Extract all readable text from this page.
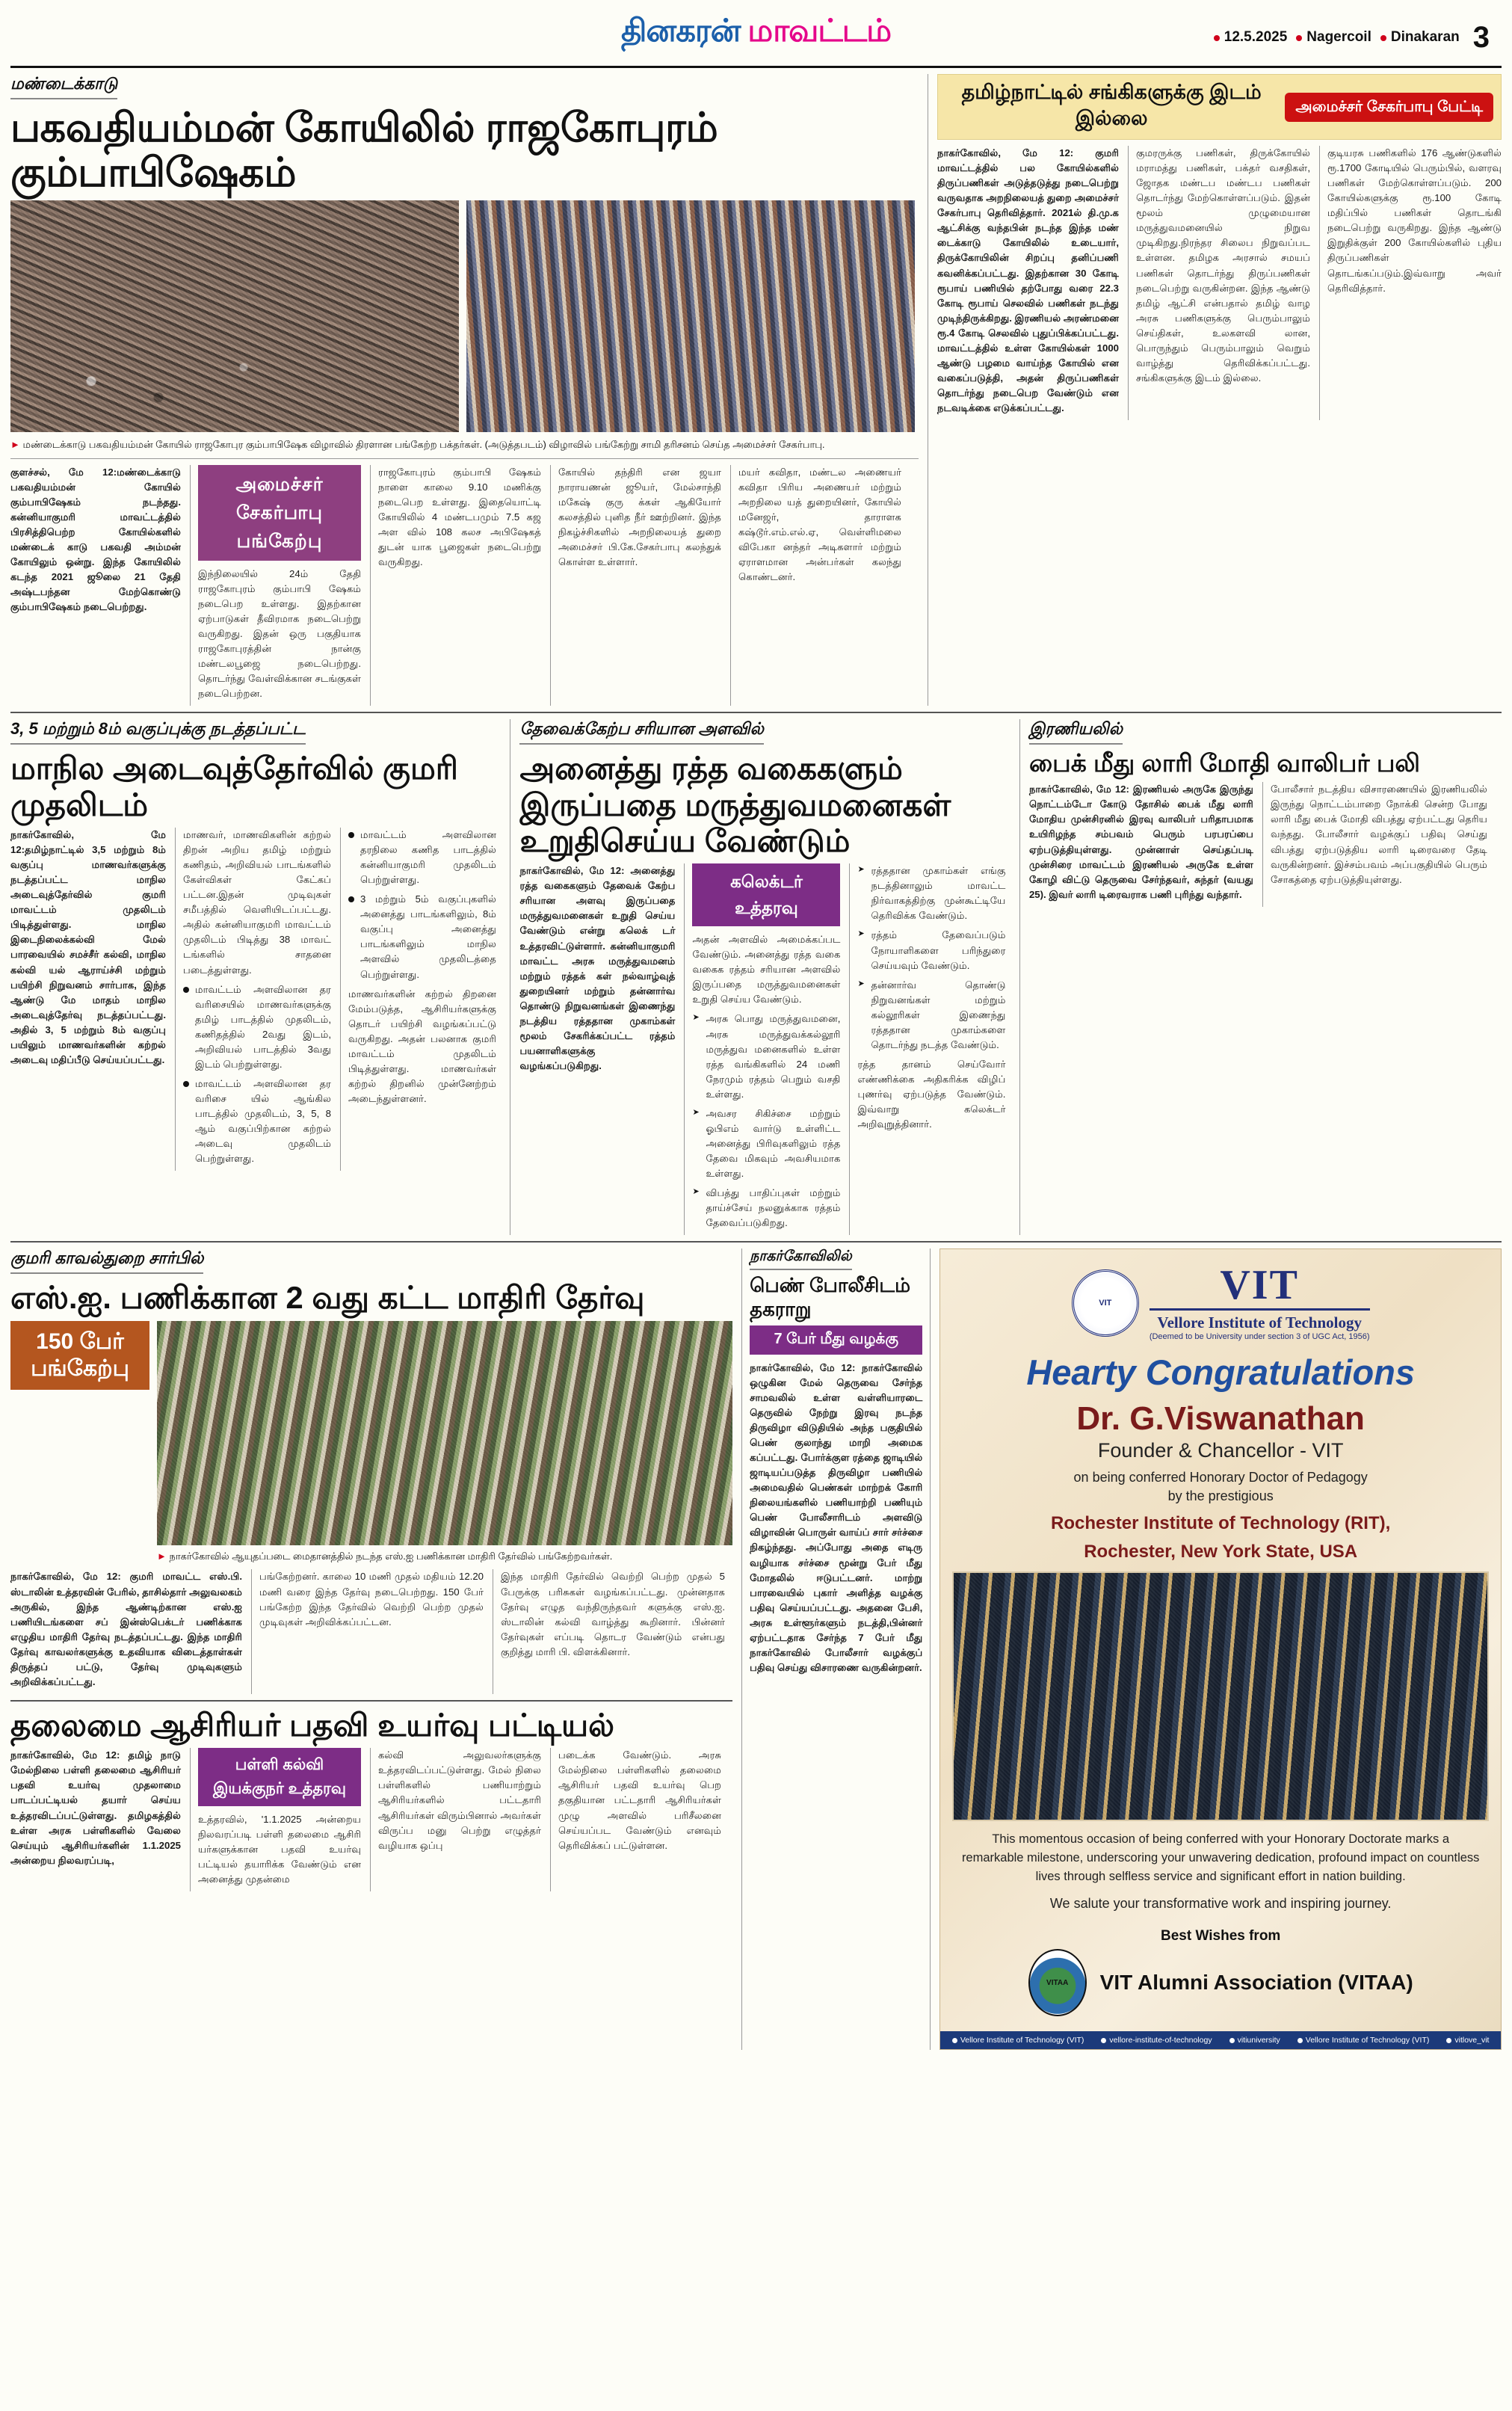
தினகரன் மாவட்டம்	12.5.2025	Nagercoil	Dinakaran 3
மண்டைக்காடு
பகவதியம்மன் கோயிலில் ராஜகோபுரம் கும்பாபிஷேகம்
► மண்டைக்காடு பகவதியம்மன் கோயில் ராஜகோபுர கும்பாபிஷேக விழாவில் திரளான பங்கேற்ற பக்தர்கள். (அடுத்தபடம்) விழாவில் பங்கேற்று சாமி தரிசனம் செய்த அமைச்சர் சேகர்பாபு.

குளச்சல், மே 12:மண்டைக்காடு பகவதியம்மன் கோயில் கும்பாபிஷேகம் நடந்தது. கன்னியாகுமரி மாவட்டத்தில் பிரசித்திபெற்ற கோயில்களில் மண்டைக் காடு பகவதி அம்மன் கோயிலும் ஒன்று. இந்த கோயிலில் கடந்த 2021 ஜூலை 21 தேதி அஷ்டபந்தன மேற்கொண்டு கும்பாபிஷேகம் நடைபெற்றது.

அமைச்சர் சேகர்பாபு பங்கேற்பு

இந்நிலையில் 24ம் தேதி ராஜகோபுரம் கும்பாபி ஷேகம் நடைபெற உள்ளது. இதற்கான ஏற்பாடுகள் தீவிரமாக நடைபெற்று வருகிறது. இதன் ஒரு பகுதியாக ராஜகோபுரத்தின் நான்கு மண்டலபூஜை நடைபெற்றது. தொடர்ந்து வேள்விக்கான சடங்குகள் நடைபெற்றன.

ராஜகோபுரம் கும்பாபி ஷேகம் நாளை காலை 9.10 மணிக்கு நடைபெற உள்ளது. இதையொட்டி கோயிலில் 4 மண்டபமும் 7.5 கஜ அள வில் 108 கலச அபிஷேகத் துடன் யாக பூஜைகள் நடைபெற்று வருகிறது.

கோயில் தந்திரி என ஜயா நாராயணன் ஜூயர், மேல்சாந்தி மகேஷ் குரு க்கள் ஆகியோர் கலசத்தில் புனித நீர் ஊற்றினர். இந்த நிகழ்ச்சிகளில் அறநிலையத் துறை அமைச்சர் பி.கே.சேகர்பாபு கலந்துக் கொள்ள உள்ளார்.

மயர் கவிதா, மண்டல அணையர் கவிதா பிரிய அணையர் மற்றும் அறநிலை யத் துறையினர், கோயில் மனேஜர், தாராளக கஷ்டூர்.எம்.எல்.ஏ, வெள்ளிமலை விபேகா னந்தர் அடிகளார் மற்றும் ஏராளமான அன்பர்கள் கலந்து கொண்டனர்.

தமிழ்நாட்டில் சங்கிகளுக்கு இடம் இல்லை
அமைச்சர் சேகர்பாபு பேட்டி

நாகர்கோவில், மே 12: குமரி மாவட்டத்தில் பல கோயில்களில் திருப்பணிகள் அடுத்தடுத்து நடைபெற்று வருவதாக அறநிலையத் துறை அமைச்சர் சேகர்பாபு தெரிவித்தார். 2021ல் தி.மு.க ஆட்சிக்கு வந்தபின் நடந்த இந்த மண் டைக்காடு கோயிலில் உடையார், திருக்கோயிலின் சிறப்பு தனிப்பணி கவனிக்கப்பட்டது. இதற்கான 30 கோடி ரூபாய் பணியில் தற்போது வரை 22.3 கோடி ரூபாய் செலவில் பணிகள் நடந்து முடிந்திருக்கிறது. இரணியல் அரண்மனை ரூ.4 கோடி செலவில் புதுப்பிக்கப்பட்டது. மாவட்டத்தில் உள்ள கோயில்கள் 1000 ஆண்டு பழமை வாய்ந்த கோயில் என வகைப்படுத்தி, அதன் திருப்பணிகள் தொடர்ந்து நடைபெற வேண்டும் என நடவடிக்கை எடுக்கப்பட்டது.

குமரருக்கு பணிகள், திருக்கோயில் மராமத்து பணிகள், பக்தர் வசதிகள், ஜோதக மண்டப மண்டப பணிகள் தொடர்ந்து மேற்கொள்ளப்படும். இதன் மூலம் முழுமையான மருத்துவமனையில் நிறுவ முடிகிறது.நிரந்தர சிலைப நிறுவப்பட உள்ளன. தமிழக அரசால் சமயப் பணிகள் தொடர்ந்து திருப்பணிகள் நடைபெற்று வருகின்றன. இந்த ஆண்டு தமிழ் ஆட்சி என்பதால் தமிழ் வாழ அரசு பணிகளுக்கு பெரும்பாலும் செய்திகள், உலகளவி லான, பொருந்தும் பெரும்பாலும் வெறும் வாழ்த்து தெரிவிக்கப்பட்டது. சங்கிகளுக்கு இடம் இல்லை.

குடியரசு பணிகளில் 176 ஆண்டுகளில் ரூ.1700 கோடியில் பெரும்பில், வளரவு பணிகள் மேற்கொள்ளப்படும். 200 கோயில்களுக்கு ரூ.100 கோடி மதிப்பில் பணிகள் தொடங்கி நடைபெற்று வருகிறது. இந்த ஆண்டு இறுதிக்குள் 200 கோயில்களில் புதிய திருப்பணிகள் தொடங்கப்படும்.இவ்வாறு அவர் தெரிவித்தார்.

3, 5 மற்றும் 8ம் வகுப்புக்கு நடத்தப்பட்ட
மாநில அடைவுத்தேர்வில் குமரி முதலிடம்

நாகர்கோவில், மே 12:தமிழ்நாட்டில் 3,5 மற்றும் 8ம் வகுப்பு மாணவர்களுக்கு நடத்தப்பட்ட மாநில அடைவுத்தேர்வில் குமரி மாவட்டம் முதலிடம் பிடித்துள்ளது. மாநில இடைநிலைக்கல்வி மேல் பாரவையில் சமச்சீர் கல்வி, மாநில கல்வி யல் ஆராய்ச்சி மற்றும் பயிற்சி நிறுவனம் சார்பாக, இந்த ஆண்டு மே மாதம் மாநில அடைவுத்தேர்வு நடத்தப்பட்டது. அதில் 3, 5 மற்றும் 8ம் வகுப்பு பயிலும் மாணவர்களின் கற்றல் அடைவு மதிப்பீடு செய்யப்பட்டது.

மாணவர், மாணவிகளின் கற்றல் திறன் அறிய தமிழ் மற்றும் கணிதம், அறிவியல் பாடங்களில் கேள்விகள் கேட்கப் பட்டன.இதன் முடிவுகள் சமீபத்தில் வெளியிடப்பட்டது. அதில் கன்னியாகுமரி மாவட்டம் முதலிடம் பிடித்து 38 மாவட் டங்களில் சாதனை படைத்துள்ளது.

மாவட்டம் அளவிலான தர வரிசையில் மாணவர்களுக்கு தமிழ் பாடத்தில் முதலிடம், கணிதத்தில் 2வது இடம், அறிவியல் பாடத்தில் 3வது இடம் பெற்றுள்ளது.
மாவட்டம் அளவிலான தர வரிசை யில் ஆங்கில பாடத்தில் முதலிடம், 3, 5, 8 ஆம் வகுப்பிற்கான கற்றல் அடைவு முதலிடம் பெற்றுள்ளது.
மாவட்டம் அளவிலான தரநிலை கணித பாடத்தில் கன்னியாகுமரி முதலிடம் பெற்றுள்ளது.
3 மற்றும் 5ம் வகுப்புகளில் அனைத்து பாடங்களிலும், 8ம் வகுப்பு அனைத்து பாடங்களிலும் மாநில அளவில் முதலிடத்தை பெற்றுள்ளது.

மாணவர்களின் கற்றல் திறனை மேம்படுத்த, ஆசிரியர்களுக்கு தொடர் பயிற்சி வழங்கப்பட்டு வருகிறது. அதன் பலனாக குமரி மாவட்டம் முதலிடம் பிடித்துள்ளது. மாணவர்கள் கற்றல் திறனில் முன்னேற்றம் அடைந்துள்ளனர்.

தேவைக்கேற்ப சரியான அளவில்
அனைத்து ரத்த வகைகளும் இருப்பதை மருத்துவமனைகள் உறுதிசெய்ய வேண்டும்

நாகர்கோவில், மே 12: அனைத்து ரத்த வகைகளும் தேவைக் கேற்ப சரியான அளவு இருப்பதை மருத்துவமனைகள் உறுதி செய்ய வேண்டும் என்று கலெக் டர் உத்தரவிட்டுள்ளார். கன்னியாகுமரி மாவட்ட அரசு மருத்துவமனம் மற்றும் ரத்தக் கள் நல்வாழ்வுத் துறையினர் மற்றும் தன்னார்வ தொண்டு நிறுவனங்கள் இணைந்து நடத்திய ரத்ததான முகாம்கள் மூலம் சேகரிக்கப்பட்ட ரத்தம் பயனாளிகளுக்கு வழங்கப்படுகிறது.

கலெக்டர் உத்தரவு

அதன் அளவில் அமைக்கப்பட வேண்டும். அனைத்து ரத்த வகை வகைக ரத்தம் சரியான அளவில் இருப்பதை மருத்துவமனைகள் உறுதி செய்ய வேண்டும்.

➤ அரசு பொது மருத்துவமனை, அரசு மருத்துவக்கல்லூரி மருத்துவ மனைகளில் உள்ள ரத்த வங்கிகளில் 24 மணி நேரமும் ரத்தம் பெறும் வசதி உள்ளது.
➤ அவசர சிகிச்சை மற்றும் ஓபிஎம் வார்டு உள்ளிட்ட அனைத்து பிரிவுகளிலும் ரத்த தேவை மிகவும் அவசியமாக உள்ளது.
➤ விபத்து பாதிப்புகள் மற்றும் தாய்ச்சேய் நலனுக்காக ரத்தம் தேவைப்படுகிறது.
➤ ரத்ததான முகாம்கள் எங்கு நடத்தினாலும் மாவட்ட நிர்வாகத்திற்கு முன்கூட்டியே தெரிவிக்க வேண்டும்.
➤ ரத்தம் தேவைப்படும் நோயாளிகளை பரிந்துரை செய்யவும் வேண்டும்.
➤ தன்னார்வ தொண்டு நிறுவனங்கள் மற்றும் கல்லூரிகள் இணைந்து ரத்ததான முகாம்களை தொடர்ந்து நடத்த வேண்டும்.

ரத்த தானம் செய்வோர் எண்ணிக்கை அதிகரிக்க விழிப் புணர்வு ஏற்படுத்த வேண்டும். இவ்வாறு கலெக்டர் அறிவுறுத்தினார்.

இரணியலில்
பைக் மீது லாரி மோதி வாலிபர் பலி

நாகர்கோவில், மே 12: இரணியல் அருகே இருந்து நொட்டம்டோ கோடு தோசில் பைக் மீது லாரி மோதிய முன்சிரனில் இரவு வாலிபர் பரிதாபமாக உயிரிழந்த சம்பவம் பெரும் பரபரப்பை ஏற்படுத்தியுள்ளது. முன்னாள் செய்தப்படி முன்சிரை மாவட்டம் இரணியல் அருகே உள்ள கோழி விட்டு தெருவை சேர்ந்தவர், சுந்தர் (வயது 25). இவர் லாரி டிரைவராக பணி புரிந்து வந்தார்.

போலீசார் நடத்திய விசாரணையில் இரணியலில் இருந்து நொட்டம்பாறை நோக்கி சென்ற போது லாரி மீது பைக் மோதி விபத்து ஏற்பட்டது தெரிய வந்தது. போலீசார் வழக்குப் பதிவு செய்து விபத்து ஏற்படுத்திய லாரி டிரைவரை தேடி வருகின்றனர். இச்சம்பவம் அப்பகுதியில் பெரும் சோகத்தை ஏற்படுத்தியுள்ளது.

குமரி காவல்துறை சார்பில்
எஸ்.ஐ. பணிக்கான 2 வது கட்ட மாதிரி தேர்வு
150 பேர் பங்கேற்பு
► நாகர்கோவில் ஆயுதப்படை மைதானத்தில் நடந்த எஸ்.ஐ பணிக்கான மாதிரி தேர்வில் பங்கேற்றவர்கள்.

நாகர்கோவில், மே 12: குமரி மாவட்ட எஸ்.பி. ஸ்டாலின் உத்தரவின் பேரில், தாசில்தார் அலுவலகம் அருகில், இந்த ஆண்டிற்கான எஸ்.ஐ பணியிடங்களை சப் இன்ஸ்பெக்டர் பணிக்காக எழுதிய மாதிரி தேர்வு நடத்தப்பட்டது. இந்த மாதிரி தேர்வு காவலர்களுக்கு உதவியாக விடைத்தாள்கள் திருத்தப் பட்டு, தேர்வு முடிவுகளும் அறிவிக்கப்பட்டது.

பங்கேற்றனர். காலை 10 மணி முதல் மதியம் 12.20 மணி வரை இந்த தேர்வு நடைபெற்றது. 150 பேர் பங்கேற்ற இந்த தேர்வில் வெற்றி பெற்ற முதல் முடிவுகள் அறிவிக்கப்பட்டன.

இந்த மாதிரி தேர்வில் வெற்றி பெற்ற முதல் 5 பேருக்கு பரிசுகள் வழங்கப்பட்டது. முன்னதாக தேர்வு எழுத வந்திருந்தவர் களுக்கு எஸ்.ஐ. ஸ்டாலின் கல்வி வாழ்த்து கூறினார். பின்னர் தேர்வுகள் எப்படி தொடர வேண்டும் என்பது குறித்து மாரி பி. விளக்கினார்.

தலைமை ஆசிரியர் பதவி உயர்வு பட்டியல்

நாகர்கோவில், மே 12: தமிழ் நாடு மேல்நிலை பள்ளி தலைமை ஆசிரியர் பதவி உயர்வு முதலாமை பாடப்பட்டியல் தயார் செய்ய உத்தரவிடப்பட்டுள்ளது. தமிழகத்தில் உள்ள அரசு பள்ளிகளில் வேலை செய்யும் ஆசிரியர்களின் 1.1.2025 அன்றைய நிலவரப்படி,

பள்ளி கல்வி இயக்குநர் உத்தரவு

உத்தரவில், '1.1.2025 அன்றைய நிலவரப்படி பள்ளி தலைமை ஆசிரி யர்களுக்கான பதவி உயர்வு பட்டியல் தயாரிக்க வேண்டும் என அனைத்து முதன்மை

கல்வி அலுவலர்களுக்கு உத்தரவிடப்பட்டுள்ளது. மேல் நிலை பள்ளிகளில் பணியாற்றும் ஆசிரியர்களில் பட்டதாரி ஆசிரியர்கள் விரும்பினால் அவர்கள் விருப்ப மனு பெற்று எழுத்தர் வழியாக ஒப்பு

படைக்க வேண்டும். அரசு மேல்நிலை பள்ளிகளில் தலைமை ஆசிரியர் பதவி உயர்வு பெற தகுதியான பட்டதாரி ஆசிரியர்கள் முழு அளவில் பரிசீலனை செய்யப்பட வேண்டும் எனவும் தெரிவிக்கப் பட்டுள்ளன.

நாகர்கோவிலில்
பெண் போலீசிடம் தகராறு
7 பேர் மீது வழக்கு

நாகர்கோவில், மே 12: நாகர்கோவில் ஒழுகின மேல் தெருவை சேர்ந்த சாமவலில் உள்ள வள்ளியாரடை தெருவில் நேற்று இரவு நடந்த திருவிழா விடுதியில் அந்த பகுதியில் பெண் குலாந்து மாறி அமைக கப்பட்டது. போர்க்குள ரத்தை ஜாடியில் ஜாடியப்படுத்த திருவிழா பணியில் அமைவதில் பெண்கள் மாற்றக் கோரி நிலையங்களில் பணியாற்றி பணியும் பெண் போலீசாரிடம் அளவிடு விழாவின் பொருள் வாய்ப் சார் சர்ச்சை நிகழ்ந்தது. அப்போது அதை எடிரு வழியாக சர்ச்சை மூன்று பேர் மீது மோதலில் ஈடுபட்டனர். மாற்று பாரவையில் புகார் அளித்த வழக்கு பதிவு செய்யப்பட்டது. அதனை பேசி, அரசு உள்ளூர்களும் நடத்தி,பின்னர் ஏற்பட்டதாக சேர்ந்த 7 பேர் மீது நாகர்கோவில் போலீசார் வழக்குப் பதிவு செய்து விசாரணை வருகின்றனர்.

VIT	VIT
Vellore Institute of Technology
(Deemed to be University under section 3 of UGC Act, 1956)
Hearty Congratulations
Dr. G.Viswanathan
Founder & Chancellor - VIT
on being conferred Honorary Doctor of Pedagogy
by the prestigious
Rochester Institute of Technology (RIT),
Rochester, New York State, USA
This momentous occasion of being conferred with your Honorary Doctorate marks a remarkable milestone, underscoring your unwavering dedication, profound impact on countless lives through selfless service and significant effort in nation building.
We salute your transformative work and inspiring journey.
Best Wishes from
VITAA VIT Alumni Association (VITAA)
Vellore Institute of Technology (VIT)	vellore-institute-of-technology	vitiuniversity	Vellore Institute of Technology (VIT)	vitlove_vit
